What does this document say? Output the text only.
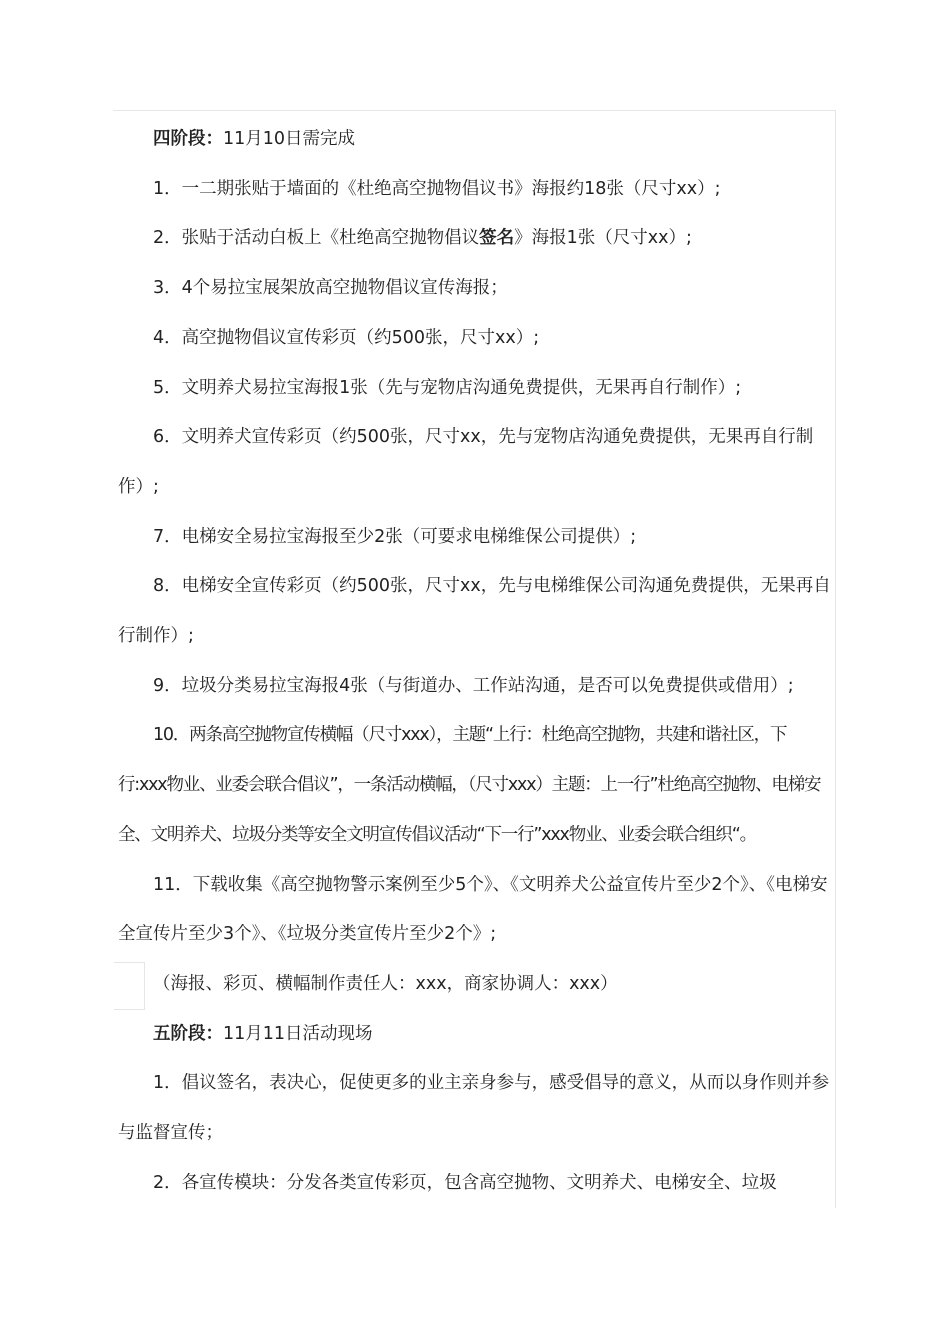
四阶段：11月10日需完成

1．一二期张贴于墙面的《杜绝高空抛物倡议书》海报约18张（尺寸xx）;

2．张贴于活动白板上《杜绝高空抛物倡议签名》海报1张（尺寸xx）;

3．4个易拉宝展架放高空抛物倡议宣传海报；

4．高空抛物倡议宣传彩页（约500张，尺寸xx）;

5．文明养犬易拉宝海报1张（先与宠物店沟通免费提供，无果再自行制作）;

6．文明养犬宣传彩页（约500张，尺寸xx，先与宠物店沟通免费提供，无果再自行制作）;

7．电梯安全易拉宝海报至少2张（可要求电梯维保公司提供）;

8．电梯安全宣传彩页（约500张，尺寸xx，先与电梯维保公司沟通免费提供，无果再自行制作）;

9．垃圾分类易拉宝海报4张（与街道办、工作站沟通，是否可以免费提供或借用）;

10．两条高空抛物宣传横幅（尺寸xxx），主题“上行：杜绝高空抛物，共建和谐社区，下行:xxx物业、业委会联合倡议”，一条活动横幅，（尺寸xxx）主题：上一行”杜绝高空抛物、电梯安全、文明养犬、垃圾分类等安全文明宣传倡议活动“下一行”xxx物业、业委会联合组织“。

11．下载收集《高空抛物警示案例至少5个》、《文明养犬公益宣传片至少2个》、《电梯安全宣传片至少3个》、《垃圾分类宣传片至少2个》;

（海报、彩页、横幅制作责任人：xxx，商家协调人：xxx）

五阶段：11月11日活动现场

1．倡议签名，表决心，促使更多的业主亲身参与，感受倡导的意义，从而以身作则并参与监督宣传；

2．各宣传模块：分发各类宣传彩页，包含高空抛物、文明养犬、电梯安全、垃圾
